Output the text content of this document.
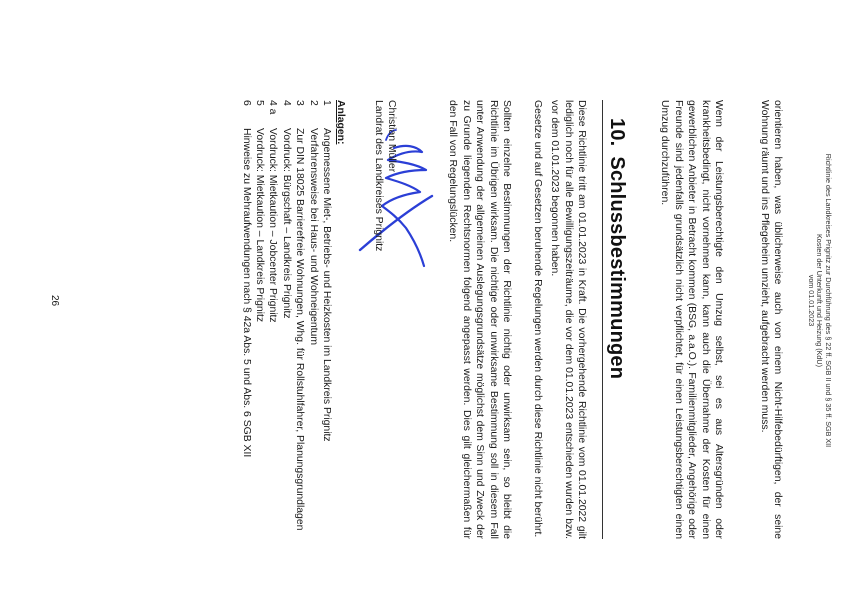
Richtlinie des Landkreises Prignitz zur Durchführung des § 22 ff. SGB II und § 35 ff. SGB XII
Kosten der Unterkunft und Heizung (KdU)
vom 01.01.2023

orientieren haben, was üblicherweise auch von einem Nicht-Hilfebedürftigen, der seine Wohnung räumt und ins Pflegeheim umzieht, aufgebracht werden muss.

Wenn der Leistungsberechtigte den Umzug selbst, sei es aus Altersgründen oder krankheitsbedingt, nicht vornehmen kann, kann auch die Übernahme der Kosten für einen gewerblichen Anbieter in Betracht kommen (BSG, a.a.O.). Familienmitglieder, Angehörige oder Freunde sind jedenfalls grundsätzlich nicht verpflichtet, für einen Leistungsberechtigten einen Umzug durchzuführen.

10.Schlussbestimmungen

Diese Richtlinie tritt am 01.01.2023 in Kraft. Die vorhergehende Richtlinie vom 01.01.2022 gilt lediglich noch für alle Bewilligungszeiträume, die vor dem 01.01.2023 entschieden wurden bzw. vor dem 01.01.2023 begonnen haben.

Gesetze und auf Gesetzen beruhende Regelungen werden durch diese Richtlinie nicht berührt.

Sollten einzelne Bestimmungen der Richtlinie nichtig oder unwirksam sein, so bleibt die Richtlinie im Übrigen wirksam. Die nichtige oder unwirksame Bestimmung soll in diesem Fall unter Anwendung der allgemeinen Auslegungsgrundsätze möglichst dem Sinn und Zweck der zu Grunde liegenden Rechtsnormen folgend angepasst werden. Dies gilt gleichermaßen für den Fall von Regelungslücken.

Christian Müller
Landrat des Landkreises Prignitz
Anlagen:
1
Angemessene Miet-, Betriebs- und Heizkosten im Landkreis Prignitz
2
Verfahrensweise bei Haus- und Wohneigentum
3
Zur DIN 18025 Barrierefreie Wohnungen, Whg. für Rollstuhlfahrer, Planungsgrundlagen
4
Vordruck: Bürgschaft – Landkreis Prignitz
4 a
Vordruck: Mietkaution – Jobcenter Prignitz
5
Vordruck: Mietkaution – Landkreis Prignitz
6
Hinweise zu Mehraufwendungen nach § 42a Abs. 5 und Abs. 6 SGB XII
26
